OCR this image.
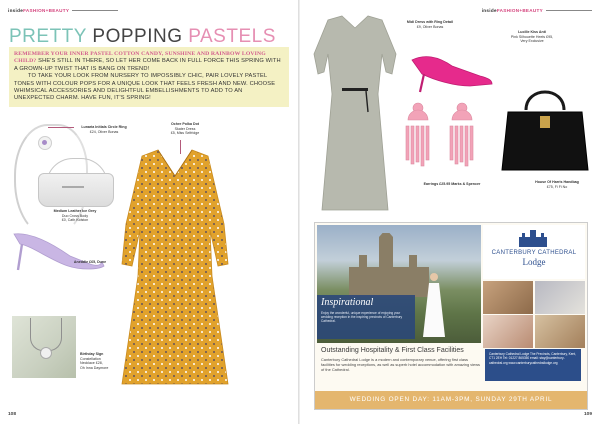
insideFASHION+BEAUTY
PRETTY POPPING PASTELS

REMEMBER YOUR INNER PASTEL COTTON CANDY, SUNSHINE AND RAINBOW LOVING CHILD? SHE'S STILL IN THERE, SO LET HER COME BACK IN FULL FORCE THIS SPRING WITH A GROWN-UP TWIST THAT IS BANG ON TREND!

TO TAKE YOUR LOOK FROM NURSERY TO IMPOSSIBLY CHIC, PAIR LOVELY PASTEL TONES WITH COLOUR POPS FOR A UNIQUE LOOK THAT FEELS FRESH AND NEW. CHOOSE WHIMSICAL ACCESSORIES AND DELIGHTFUL EMBELLISHMENTS TO ADD TO AN UNEXPECTED CHARM. HAVE FUN, IT'S SPRING!

Lunaria Initials Circle Ring
£24, Oliver Bonas
Medium Leather Ice Grey
Duo Cross Body
£0, Cath Kidston
Aneddie £65, Dune
Ochre Polka Dot
Skater Dress
£5, Miss Selfridge
Birthday Sign
Constellation
Necklace £28,
Oh Inna Daymore
108
insideFASHION+BEAUTY
Midi Dress with Ring Detail
£9, Oliver Bonas
Lucille Kiss Anti
Pink Silhouette Heels £95,
Very Exclusive
Earrings £25.95 Marks & Spencer	House Of Harris Handbag
£75, Fi Fi No
Inspirational
Enjoy the wonderful, unique experience of enjoying your wedding reception in the inspiring precincts of Canterbury Cathedral.
CANTERBURY CATHEDRAL
Lodge
Outstanding Hospitality & First Class Facilities
Canterbury Cathedral Lodge is a modern and contemporary venue, offering first class facilities for wedding receptions, as well as superb hotel accommodation with amazing views of the Cathedral.
Canterbury Cathedral Lodge The Precincts, Canterbury, Kent, CT1 2EH Tel: 01227 865350 email: stay@canterbury-cathedral.org www.canterburycathedrallodge.org
WEDDING OPEN DAY: 11AM-3PM, SUNDAY 29TH APRIL
109
